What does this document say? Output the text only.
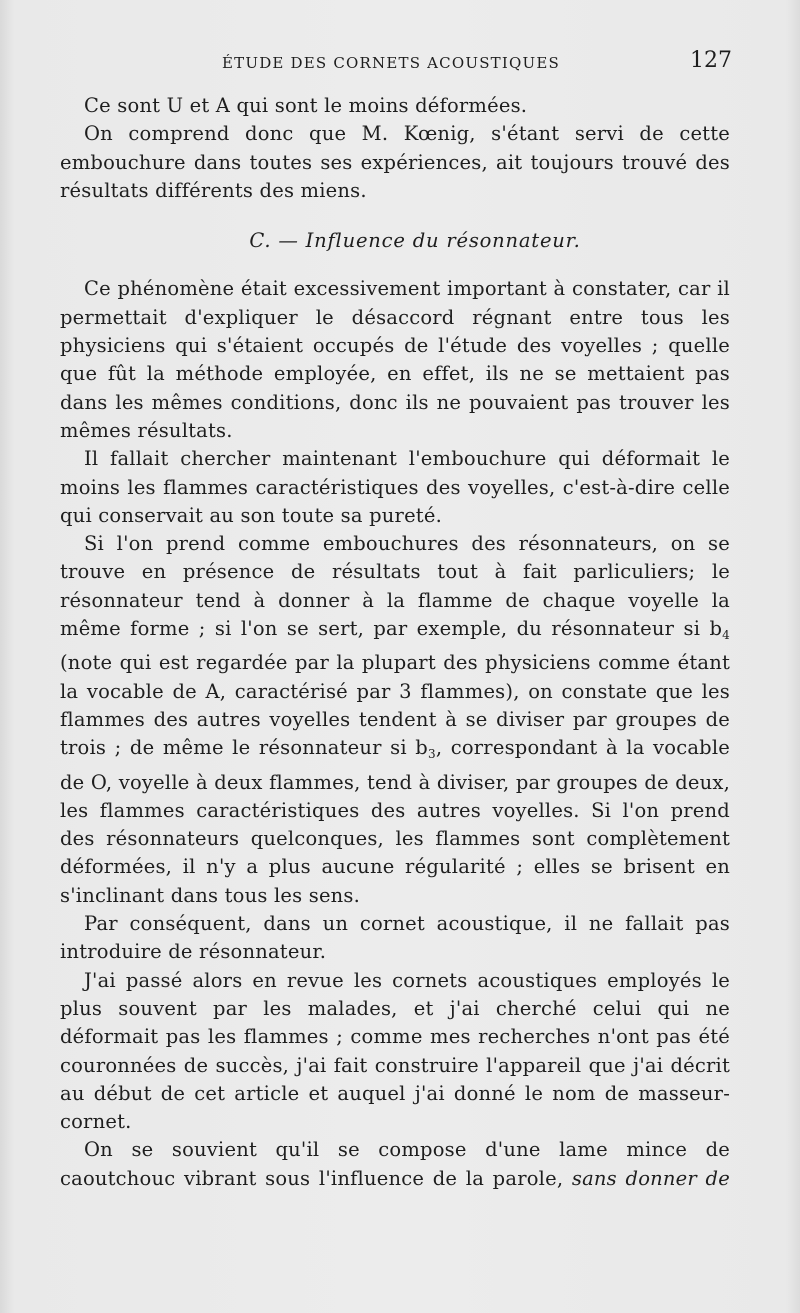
ÉTUDE DES CORNETS ACOUSTIQUES	127

Ce sont U et A qui sont le moins déformées.

On comprend donc que M. Kœnig, s'étant servi de cette embouchure dans toutes ses expériences, ait toujours trouvé des résultats différents des miens.

C. — Influence du résonnateur.

Ce phénomène était excessivement important à constater, car il permettait d'expliquer le désaccord régnant entre tous les physiciens qui s'étaient occupés de l'étude des voyelles ; quelle que fût la méthode employée, en effet, ils ne se mettaient pas dans les mêmes conditions, donc ils ne pouvaient pas trouver les mêmes résultats.

Il fallait chercher maintenant l'embouchure qui déformait le moins les flammes caractéristiques des voyelles, c'est-à-dire celle qui conservait au son toute sa pureté.

Si l'on prend comme embouchures des résonnateurs, on se trouve en présence de résultats tout à fait parliculiers; le résonnateur tend à donner à la flamme de chaque voyelle la même forme ; si l'on se sert, par exemple, du résonnateur si $b_4$ (note qui est regardée par la plupart des physiciens comme étant la vocable de A, caractérisé par 3 flammes), on constate que les flammes des autres voyelles tendent à se diviser par groupes de trois ; de même le résonnateur si $b_3$, correspondant à la vocable de O, voyelle à deux flammes, tend à diviser, par groupes de deux, les flammes caractéristiques des autres voyelles. Si l'on prend des résonnateurs quelconques, les flammes sont complètement déformées, il n'y a plus aucune régularité ; elles se brisent en s'inclinant dans tous les sens.

Par conséquent, dans un cornet acoustique, il ne fallait pas introduire de résonnateur.

J'ai passé alors en revue les cornets acoustiques employés le plus souvent par les malades, et j'ai cherché celui qui ne déformait pas les flammes ; comme mes recherches n'ont pas été couronnées de succès, j'ai fait construire l'appareil que j'ai décrit au début de cet article et auquel j'ai donné le nom de masseur-cornet.

On se souvient qu'il se compose d'une lame mince de caoutchouc vibrant sous l'influence de la parole, sans donner de
